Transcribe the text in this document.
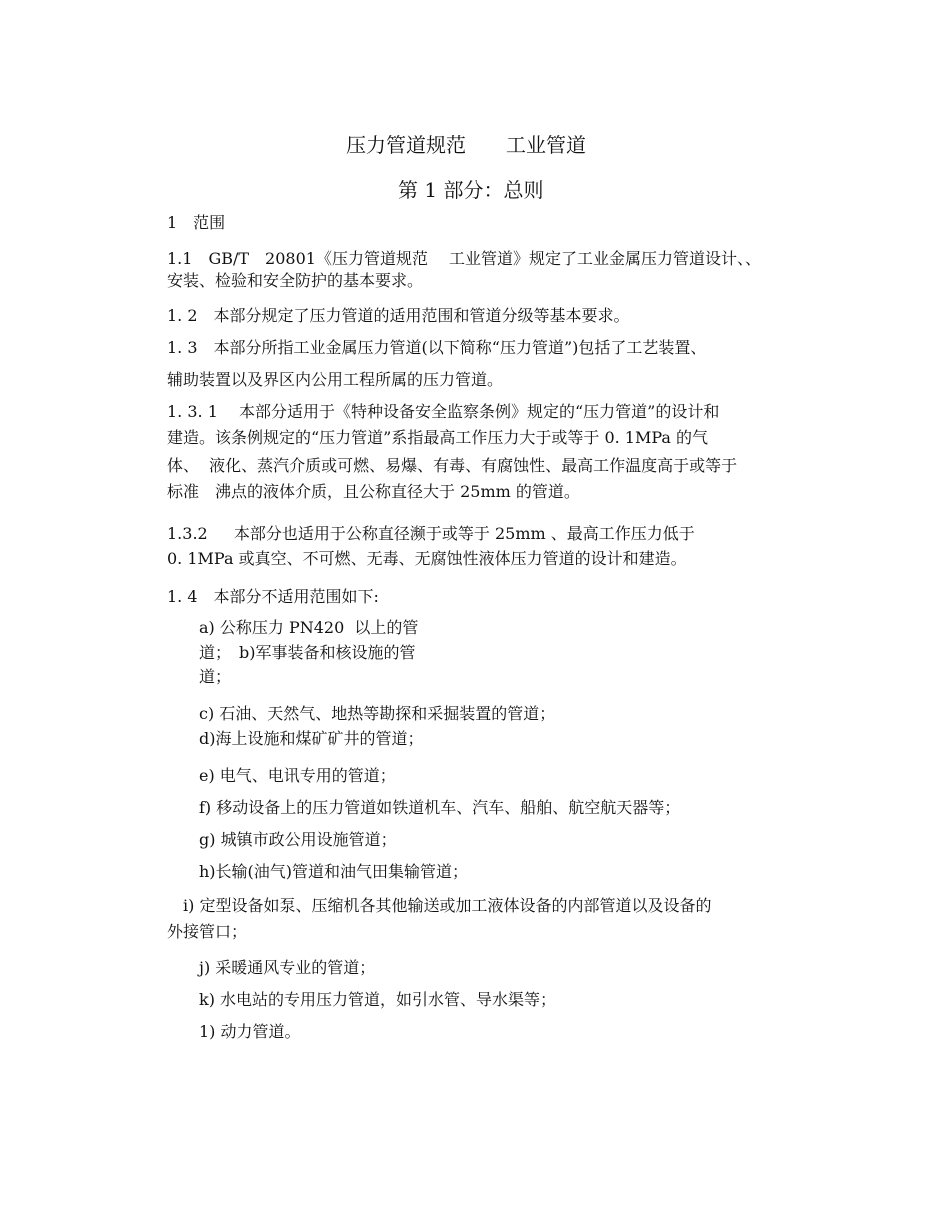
压力管道规范　　工业管道
第 1 部分：总则
1　范围
1.1　GB/T　20801《压力管道规范　 工业管道》规定了工业金属压力管道设计、、
安装、检验和安全防护的基本要求。
1. 2　本部分规定了压力管道的适用范围和管道分级等基本要求。
1. 3　本部分所指工业金属压力管道(以下简称“压力管道”)包括了工艺装置、
辅助装置以及界区内公用工程所属的压力管道。
1. 3. 1　 本部分适用于《特种设备安全监察条例》规定的“压力管道”的设计和
建造。该条例规定的“压力管道”系指最高工作压力大于或等于 0. 1MPa 的气
体、  液化、蒸汽介质或可燃、易爆、有毒、有腐蚀性、最高工作温度高于或等于
标准　沸点的液体介质，且公称直径大于 25mm 的管道。
1.3.2　  本部分也适用于公称直径濒于或等于 25mm 、最高工作压力低于
0. 1MPa 或真空、不可燃、无毒、无腐蚀性液体压力管道的设计和建造。
1. 4　本部分不适用范围如下:
a) 公称压力 PN420  以上的管
道；　b)军事装备和核设施的管
道；
c) 石油、天然气、地热等勘探和采掘装置的管道；
d)海上设施和煤矿矿井的管道；
e) 电气、电讯专用的管道；
f) 移动设备上的压力管道如铁道机车、汽车、船舶、航空航天器等；
g) 城镇市政公用设施管道；
h)长输(油气)管道和油气田集输管道；
　i) 定型设备如泵、压缩机各其他输送或加工液体设备的内部管道以及设备的
外接管口；
j) 采暖通风专业的管道；
k) 水电站的专用压力管道，如引水管、导水渠等；
1) 动力管道。
